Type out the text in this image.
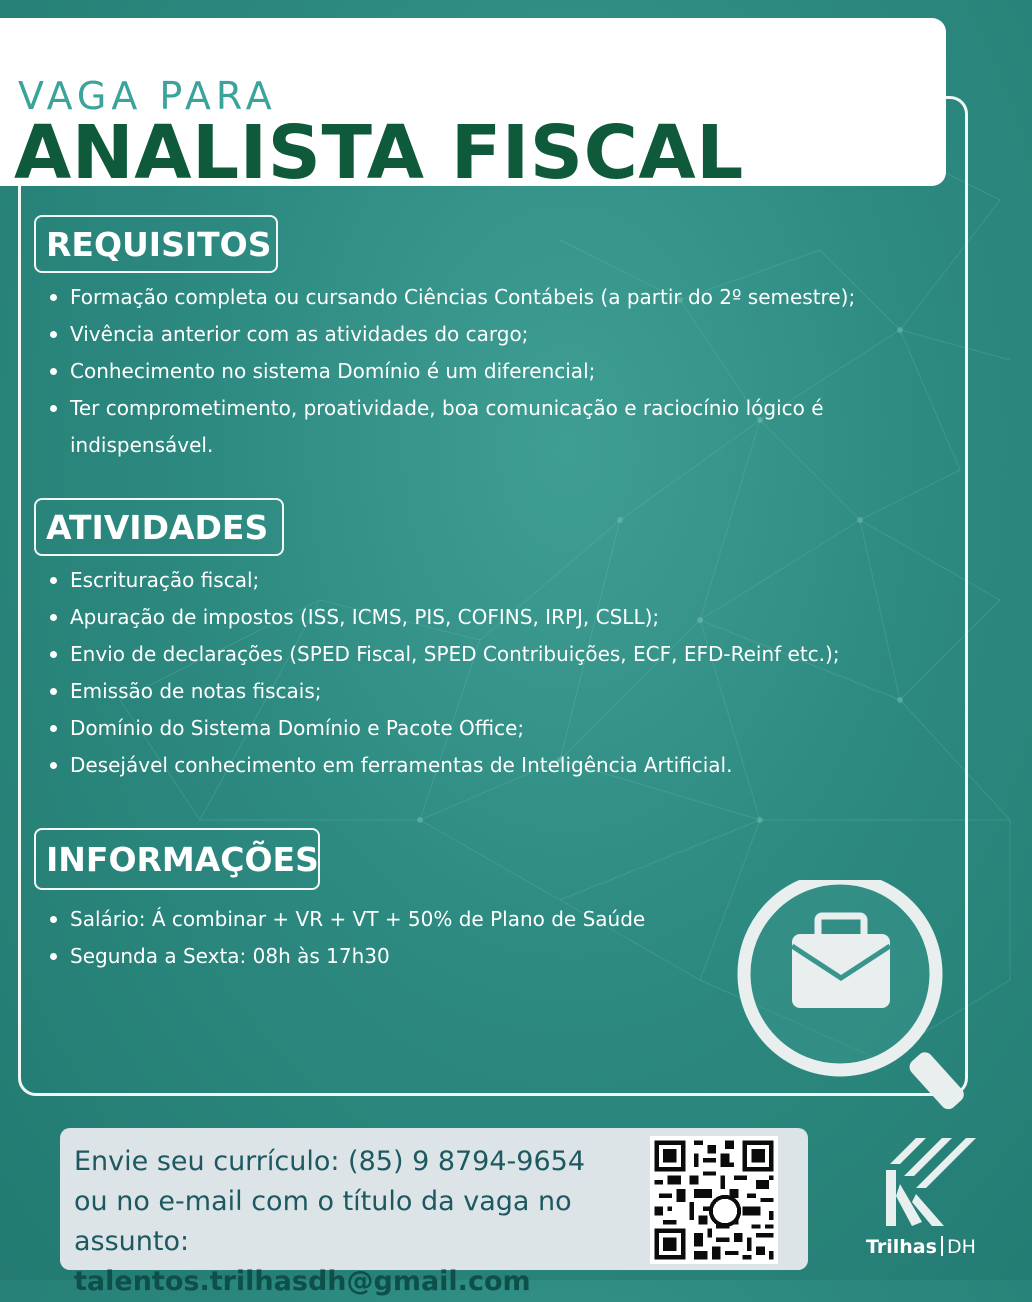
VAGA PARA
ANALISTA FISCAL
REQUISITOS
Formação completa ou cursando Ciências Contábeis (a partir do 2º semestre);
Vivência anterior com as atividades do cargo;
Conhecimento no sistema Domínio é um diferencial;
Ter comprometimento, proatividade, boa comunicação e raciocínio lógico é indispensável.
ATIVIDADES
Escrituração fiscal;
Apuração de impostos (ISS, ICMS, PIS, COFINS, IRPJ, CSLL);
Envio de declarações (SPED Fiscal, SPED Contribuições, ECF, EFD-Reinf etc.);
Emissão de notas fiscais;
Domínio do Sistema Domínio e Pacote Office;
Desejável conhecimento em ferramentas de Inteligência Artificial.
INFORMAÇÕES
Salário: Á combinar + VR + VT + 50% de Plano de Saúde
Segunda a Sexta: 08h às 17h30
Envie seu currículo: (85) 9 8794-9654
ou no e-mail com o título da vaga no
assunto: talentos.trilhasdh@gmail.com
Trilhas DH
